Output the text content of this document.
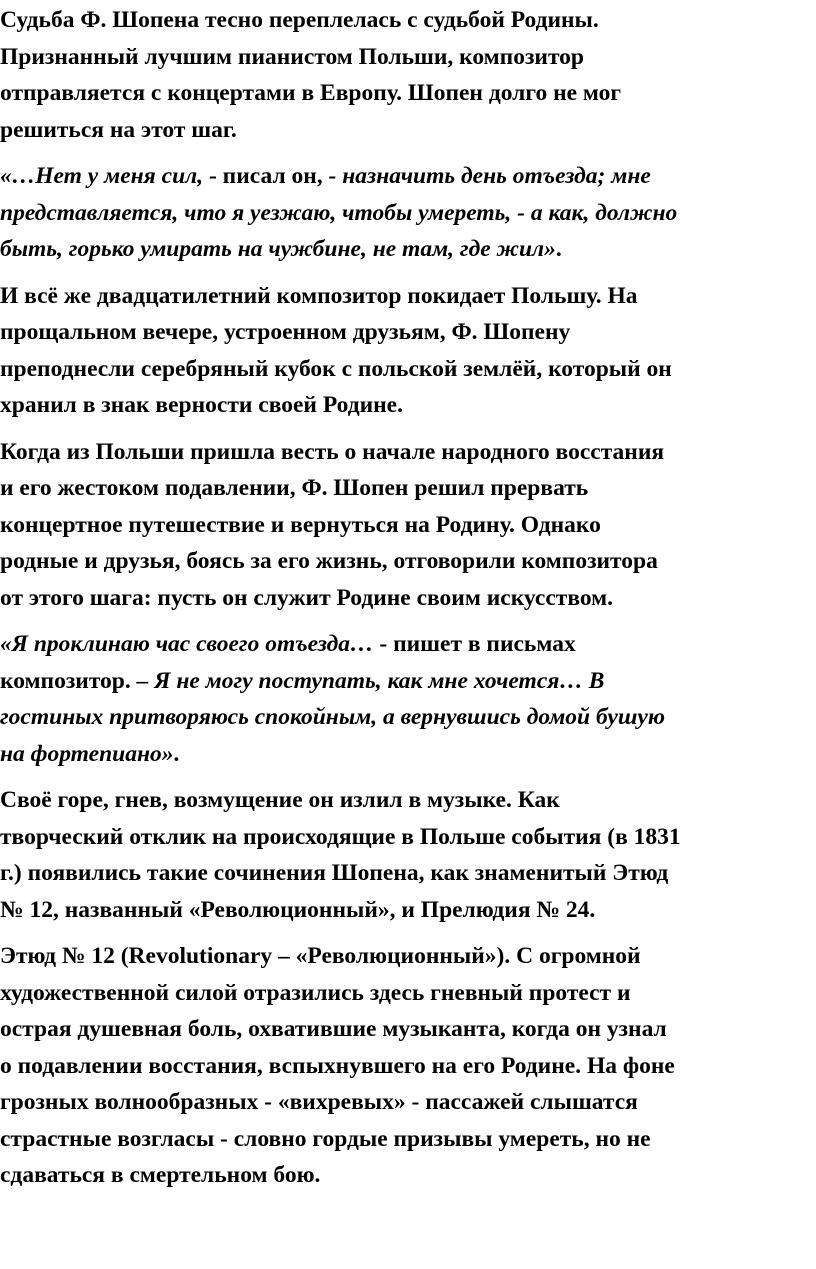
Судьба Ф. Шопена тесно переплелась с судьбой Родины.
Признанный лучшим пианистом Польши, композитор
отправляется с концертами в Европу. Шопен долго не мог
решиться на этот шаг.

«…Нет у меня сил, - писал он, - назначить день отъезда; мне
представляется, что я уезжаю, чтобы умереть, - а как, должно
быть, горько умирать на чужбине, не там, где жил».

И всё же двадцатилетний композитор покидает Польшу. На
прощальном вечере, устроенном друзьям, Ф. Шопену
преподнесли серебряный кубок с польской землёй, который он
хранил в знак верности своей Родине.

Когда из Польши пришла весть о начале народного восстания
и его жестоком подавлении, Ф. Шопен решил прервать
концертное путешествие и вернуться на Родину. Однако
родные и друзья, боясь за его жизнь, отговорили композитора
от этого шага: пусть он служит Родине своим искусством.

«Я проклинаю час своего отъезда… - пишет в письмах
композитор. – Я не могу поступать, как мне хочется… В
гостиных притворяюсь спокойным, а вернувшись домой бушую
на фортепиано».

Своё горе, гнев, возмущение он излил в музыке. Как
творческий отклик на происходящие в Польше события (в 1831
г.) появились такие сочинения Шопена, как знаменитый Этюд
№ 12, названный «Революционный», и Прелюдия № 24.

Этюд № 12 (Revolutionary – «Революционный»). С огромной
художественной силой отразились здесь гневный протест и
острая душевная боль, охватившие музыканта, когда он узнал
о подавлении восстания, вспыхнувшего на его Родине. На фоне
грозных волнообразных - «вихревых» - пассажей слышатся
страстные возгласы - словно гордые призывы умереть, но не
сдаваться в смертельном бою.
